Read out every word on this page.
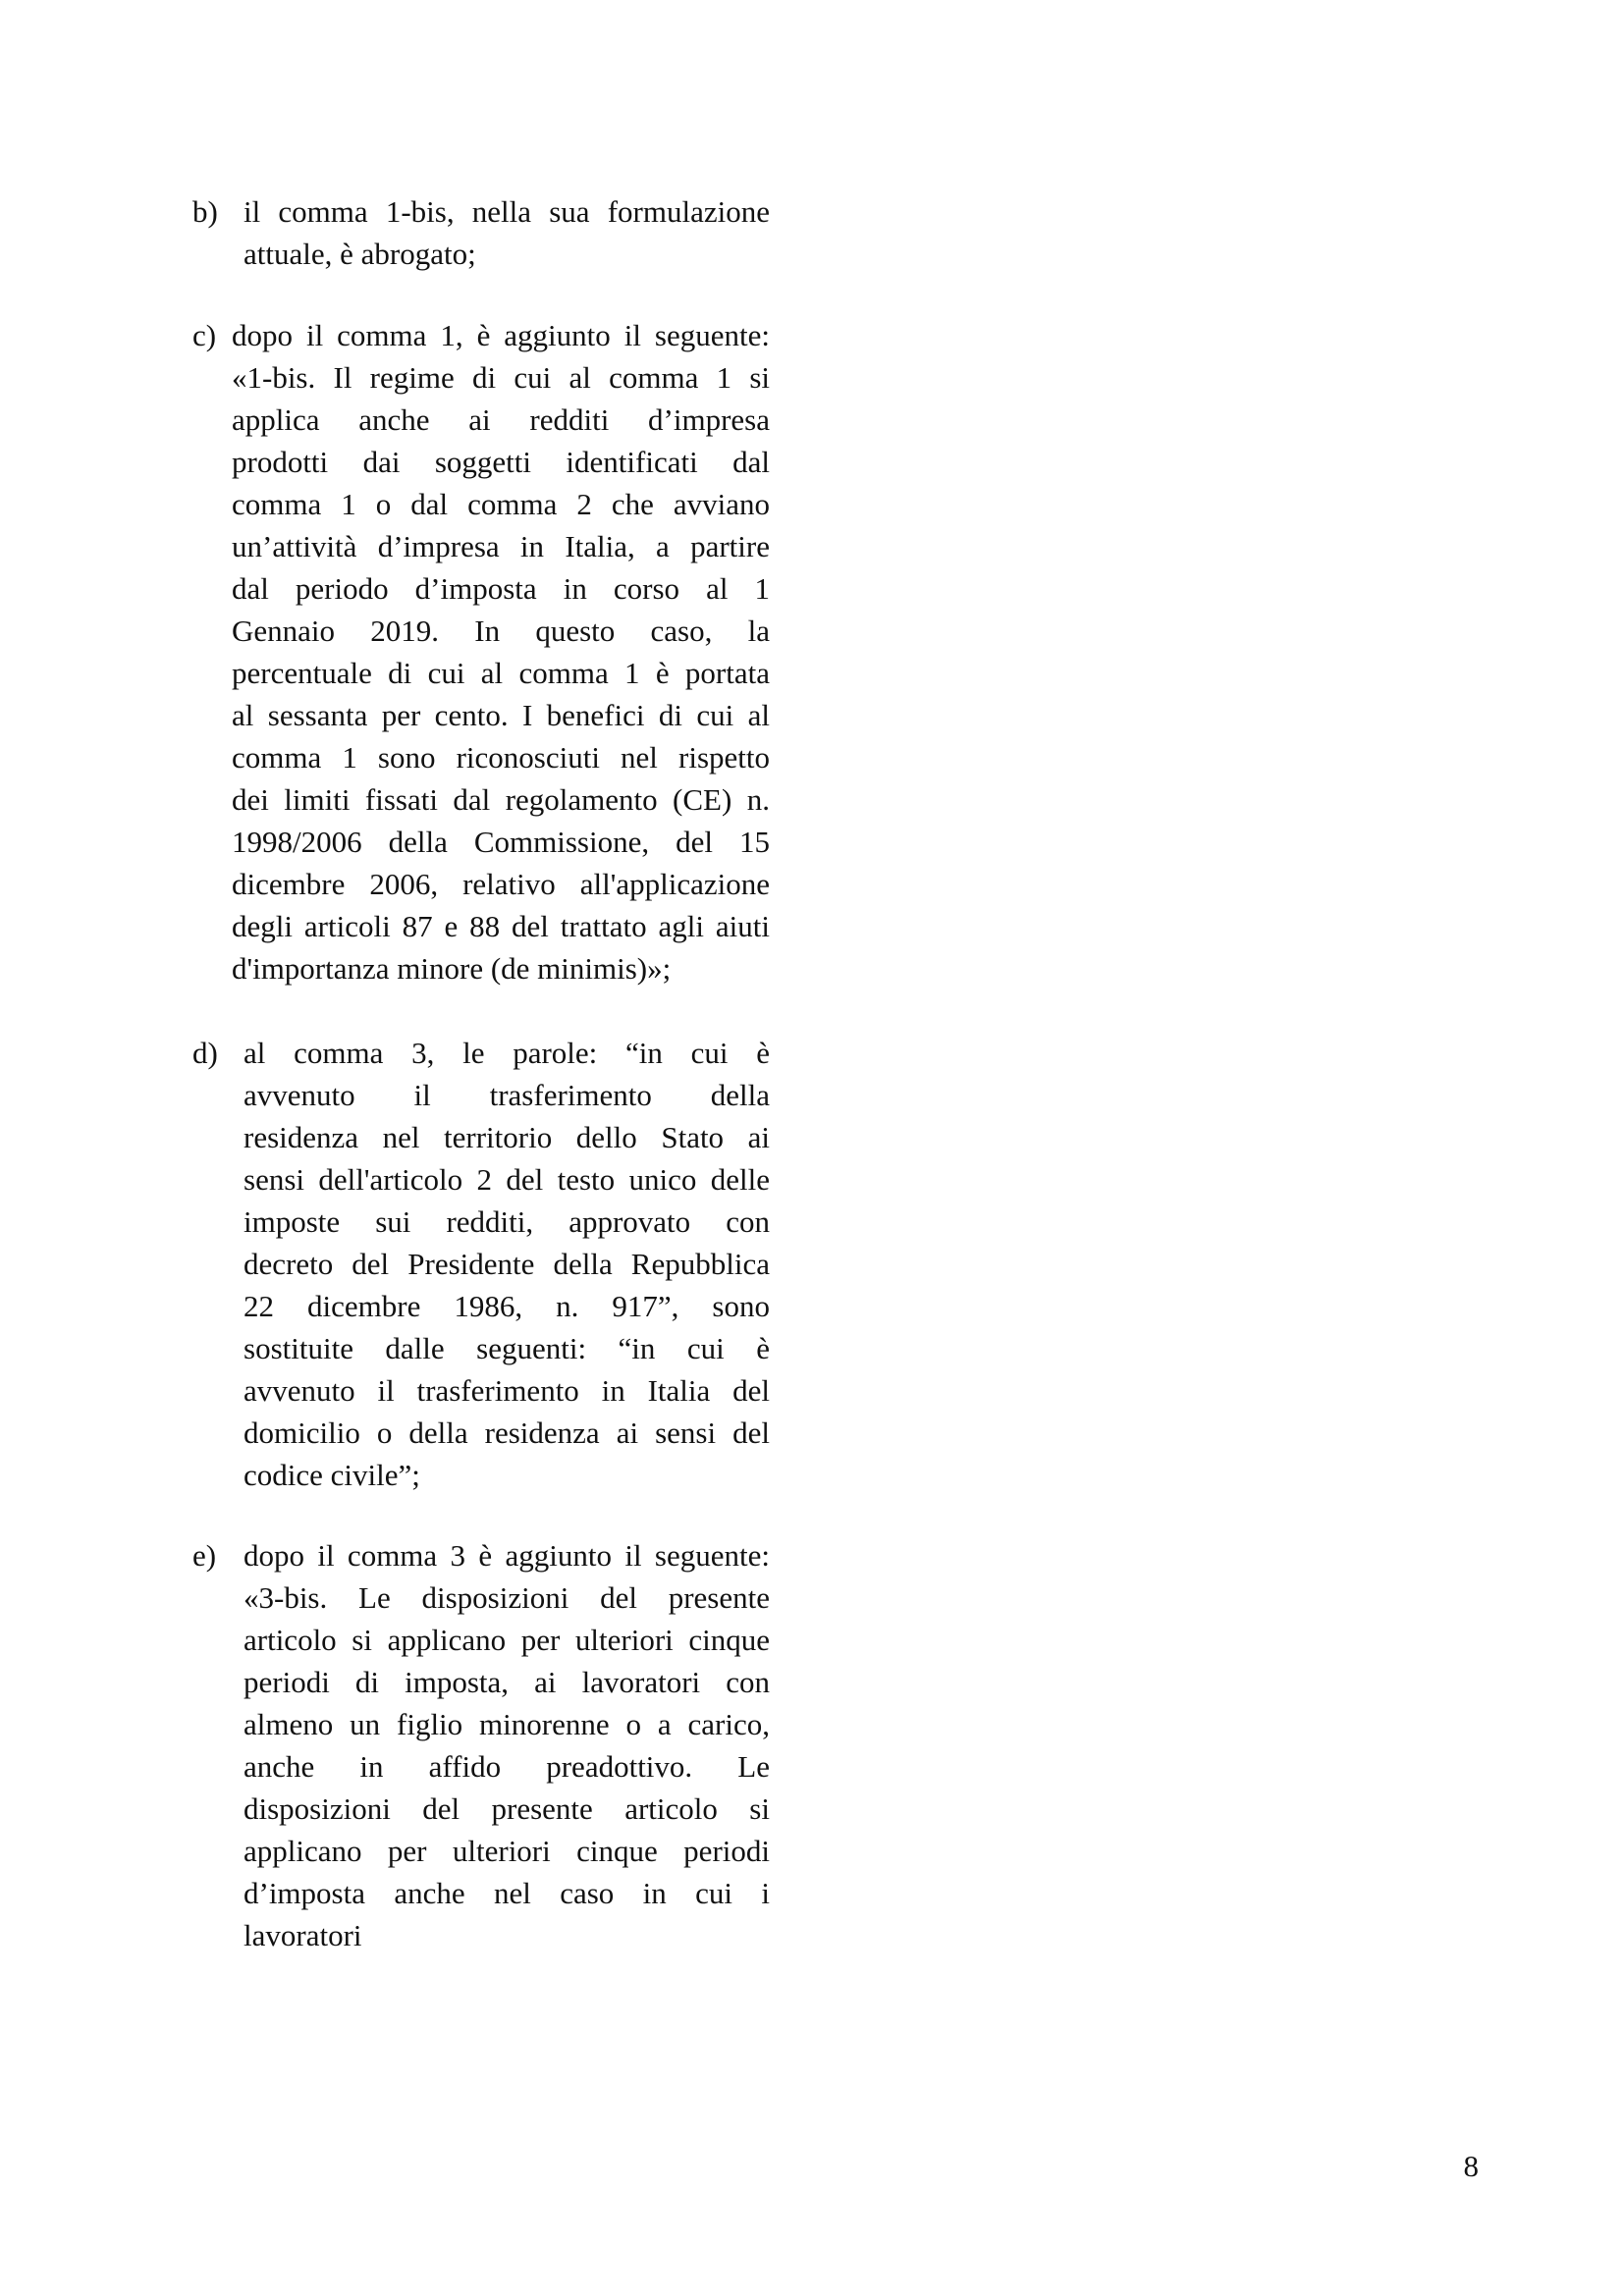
b) il comma 1-bis, nella sua formulazione
attuale, è abrogato;
c) dopo il comma 1, è aggiunto il seguente:
«1-bis. Il regime di cui al comma 1 si
applica anche ai redditi d’impresa
prodotti dai soggetti identificati dal
comma 1 o dal comma 2 che avviano
un’attività d’impresa in Italia, a partire
dal periodo d’imposta in corso al 1
Gennaio 2019. In questo caso, la
percentuale di cui al comma 1 è portata
al sessanta per cento. I benefici di cui al
comma 1 sono riconosciuti nel rispetto
dei limiti fissati dal regolamento (CE) n.
1998/2006 della Commissione, del 15
dicembre 2006, relativo all'applicazione
degli articoli 87 e 88 del trattato agli aiuti
d'importanza minore (de minimis)»;
d) al comma 3, le parole: “in cui è
avvenuto il trasferimento della
residenza nel territorio dello Stato ai
sensi dell'articolo 2 del testo unico delle
imposte sui redditi, approvato con
decreto del Presidente della Repubblica
22 dicembre 1986, n. 917”, sono
sostituite dalle seguenti: “in cui è
avvenuto il trasferimento in Italia del
domicilio o della residenza ai sensi del
codice civile”;
e) dopo il comma 3 è aggiunto il seguente:
«3-bis. Le disposizioni del presente
articolo si applicano per ulteriori cinque
periodi di imposta, ai lavoratori con
almeno un figlio minorenne o a carico,
anche in affido preadottivo. Le
disposizioni del presente articolo si
applicano per ulteriori cinque periodi
d’imposta anche nel caso in cui i
lavoratori
8
